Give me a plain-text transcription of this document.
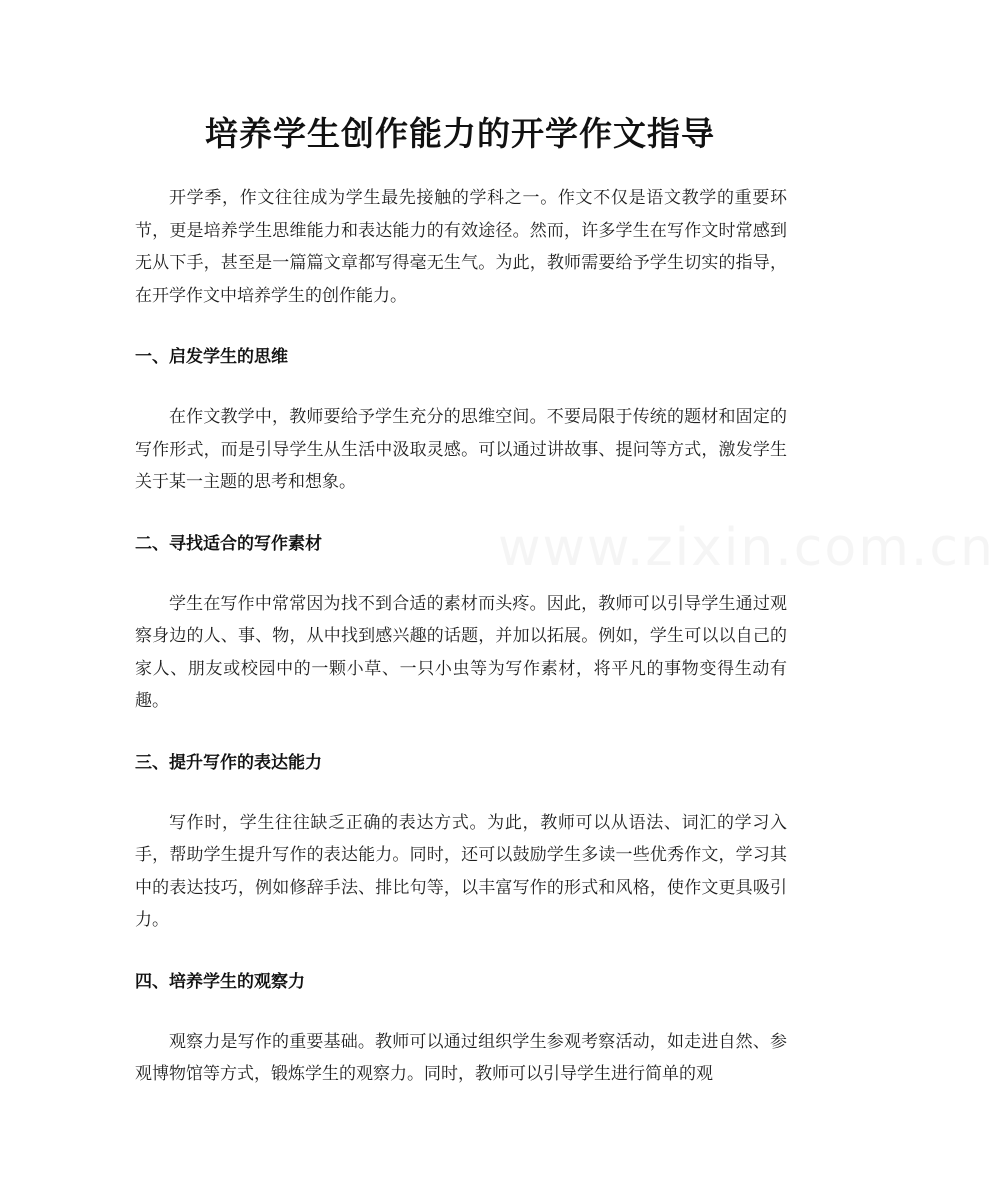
培养学生创作能力的开学作文指导

开学季，作文往往成为学生最先接触的学科之一。作文不仅是语文教学的重要环节，更是培养学生思维能力和表达能力的有效途径。然而，许多学生在写作文时常感到无从下手，甚至是一篇篇文章都写得毫无生气。为此，教师需要给予学生切实的指导，在开学作文中培养学生的创作能力。

一、启发学生的思维

在作文教学中，教师要给予学生充分的思维空间。不要局限于传统的题材和固定的写作形式，而是引导学生从生活中汲取灵感。可以通过讲故事、提问等方式，激发学生关于某一主题的思考和想象。

二、寻找适合的写作素材

学生在写作中常常因为找不到合适的素材而头疼。因此，教师可以引导学生通过观察身边的人、事、物，从中找到感兴趣的话题，并加以拓展。例如，学生可以以自己的家人、朋友或校园中的一颗小草、一只小虫等为写作素材，将平凡的事物变得生动有趣。

三、提升写作的表达能力

写作时，学生往往缺乏正确的表达方式。为此，教师可以从语法、词汇的学习入手，帮助学生提升写作的表达能力。同时，还可以鼓励学生多读一些优秀作文，学习其中的表达技巧，例如修辞手法、排比句等，以丰富写作的形式和风格，使作文更具吸引力。

四、培养学生的观察力

观察力是写作的重要基础。教师可以通过组织学生参观考察活动，如走进自然、参观博物馆等方式，锻炼学生的观察力。同时，教师可以引导学生进行简单的观

www.zixin.com.cn
